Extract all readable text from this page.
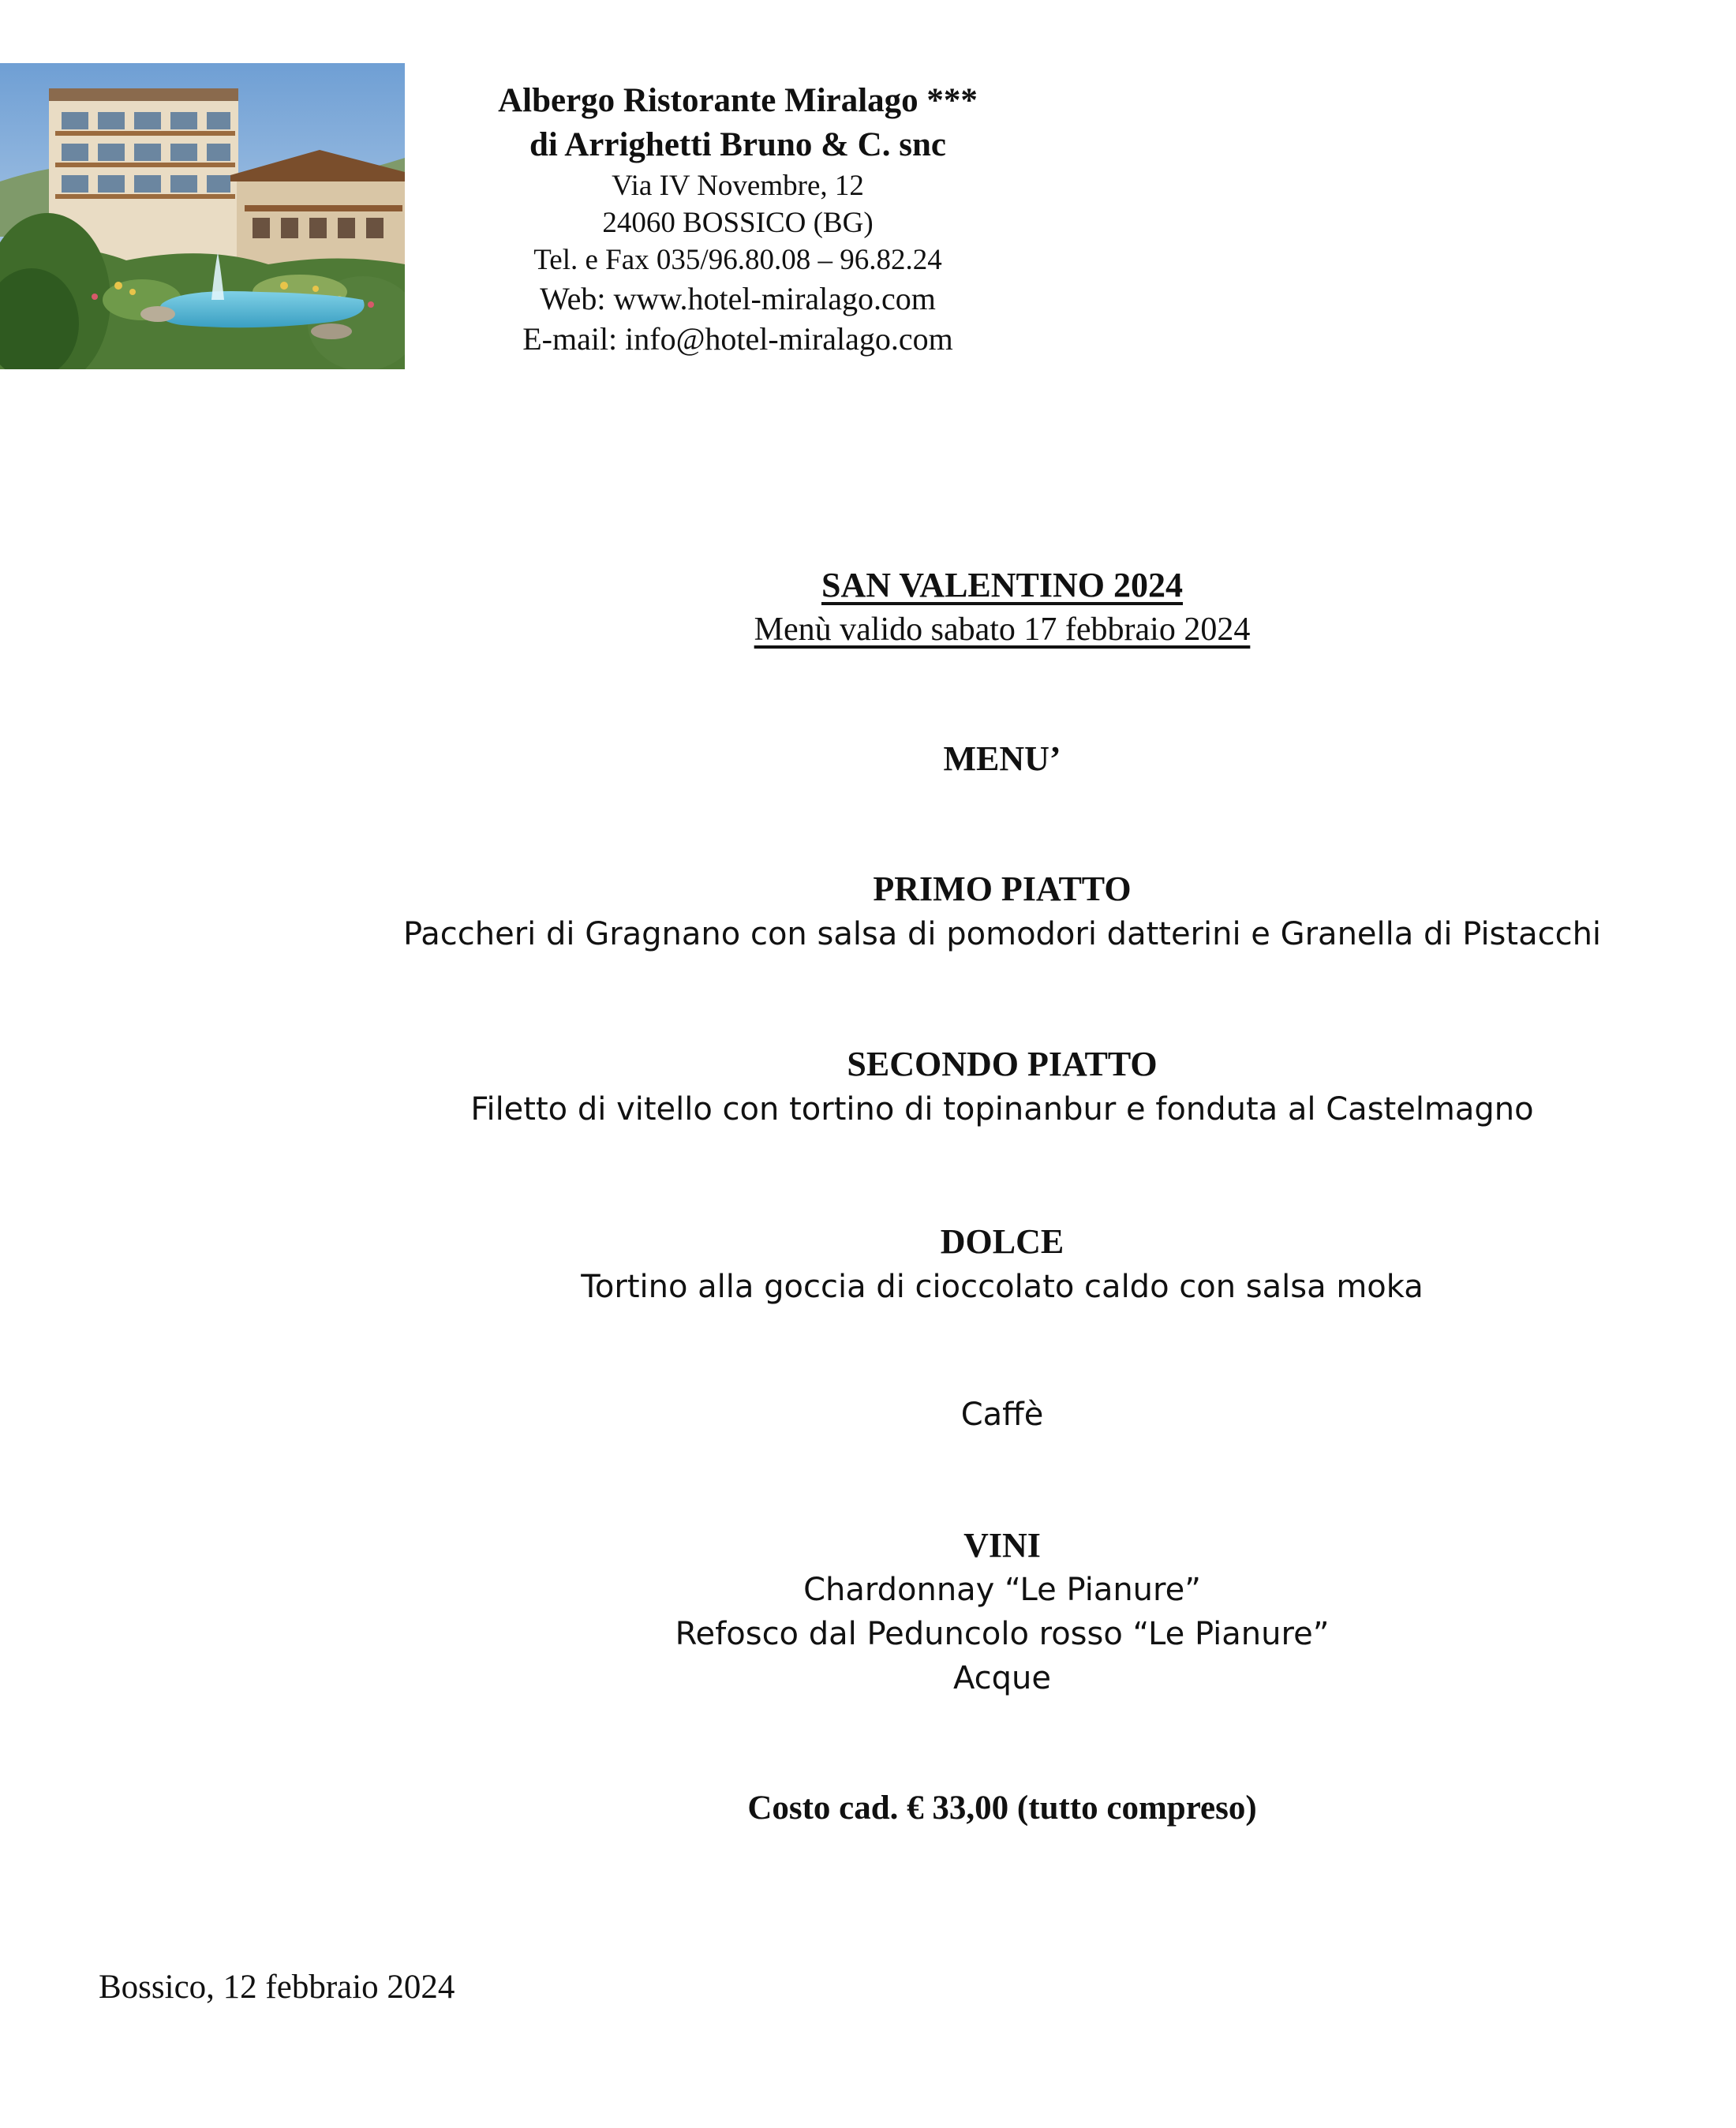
Albergo Ristorante Miralago ***
di Arrighetti Bruno & C. snc
Via IV Novembre, 12
24060 BOSSICO (BG)
Tel. e Fax 035/96.80.08 – 96.82.24
Web: www.hotel-miralago.com
E-mail: info@hotel-miralago.com
SAN VALENTINO 2024
Menù valido sabato 17 febbraio 2024
MENU’
PRIMO PIATTO
Paccheri di Gragnano con salsa di pomodori datterini e Granella di Pistacchi
SECONDO PIATTO
Filetto di vitello con tortino di topinanbur e fonduta al Castelmagno
DOLCE
Tortino alla goccia di cioccolato caldo con salsa moka
Caffè
VINI
Chardonnay “Le Pianure”
Refosco dal Peduncolo rosso “Le Pianure”
Acque
Costo cad. € 33,00 (tutto compreso)
Bossico, 12 febbraio 2024
